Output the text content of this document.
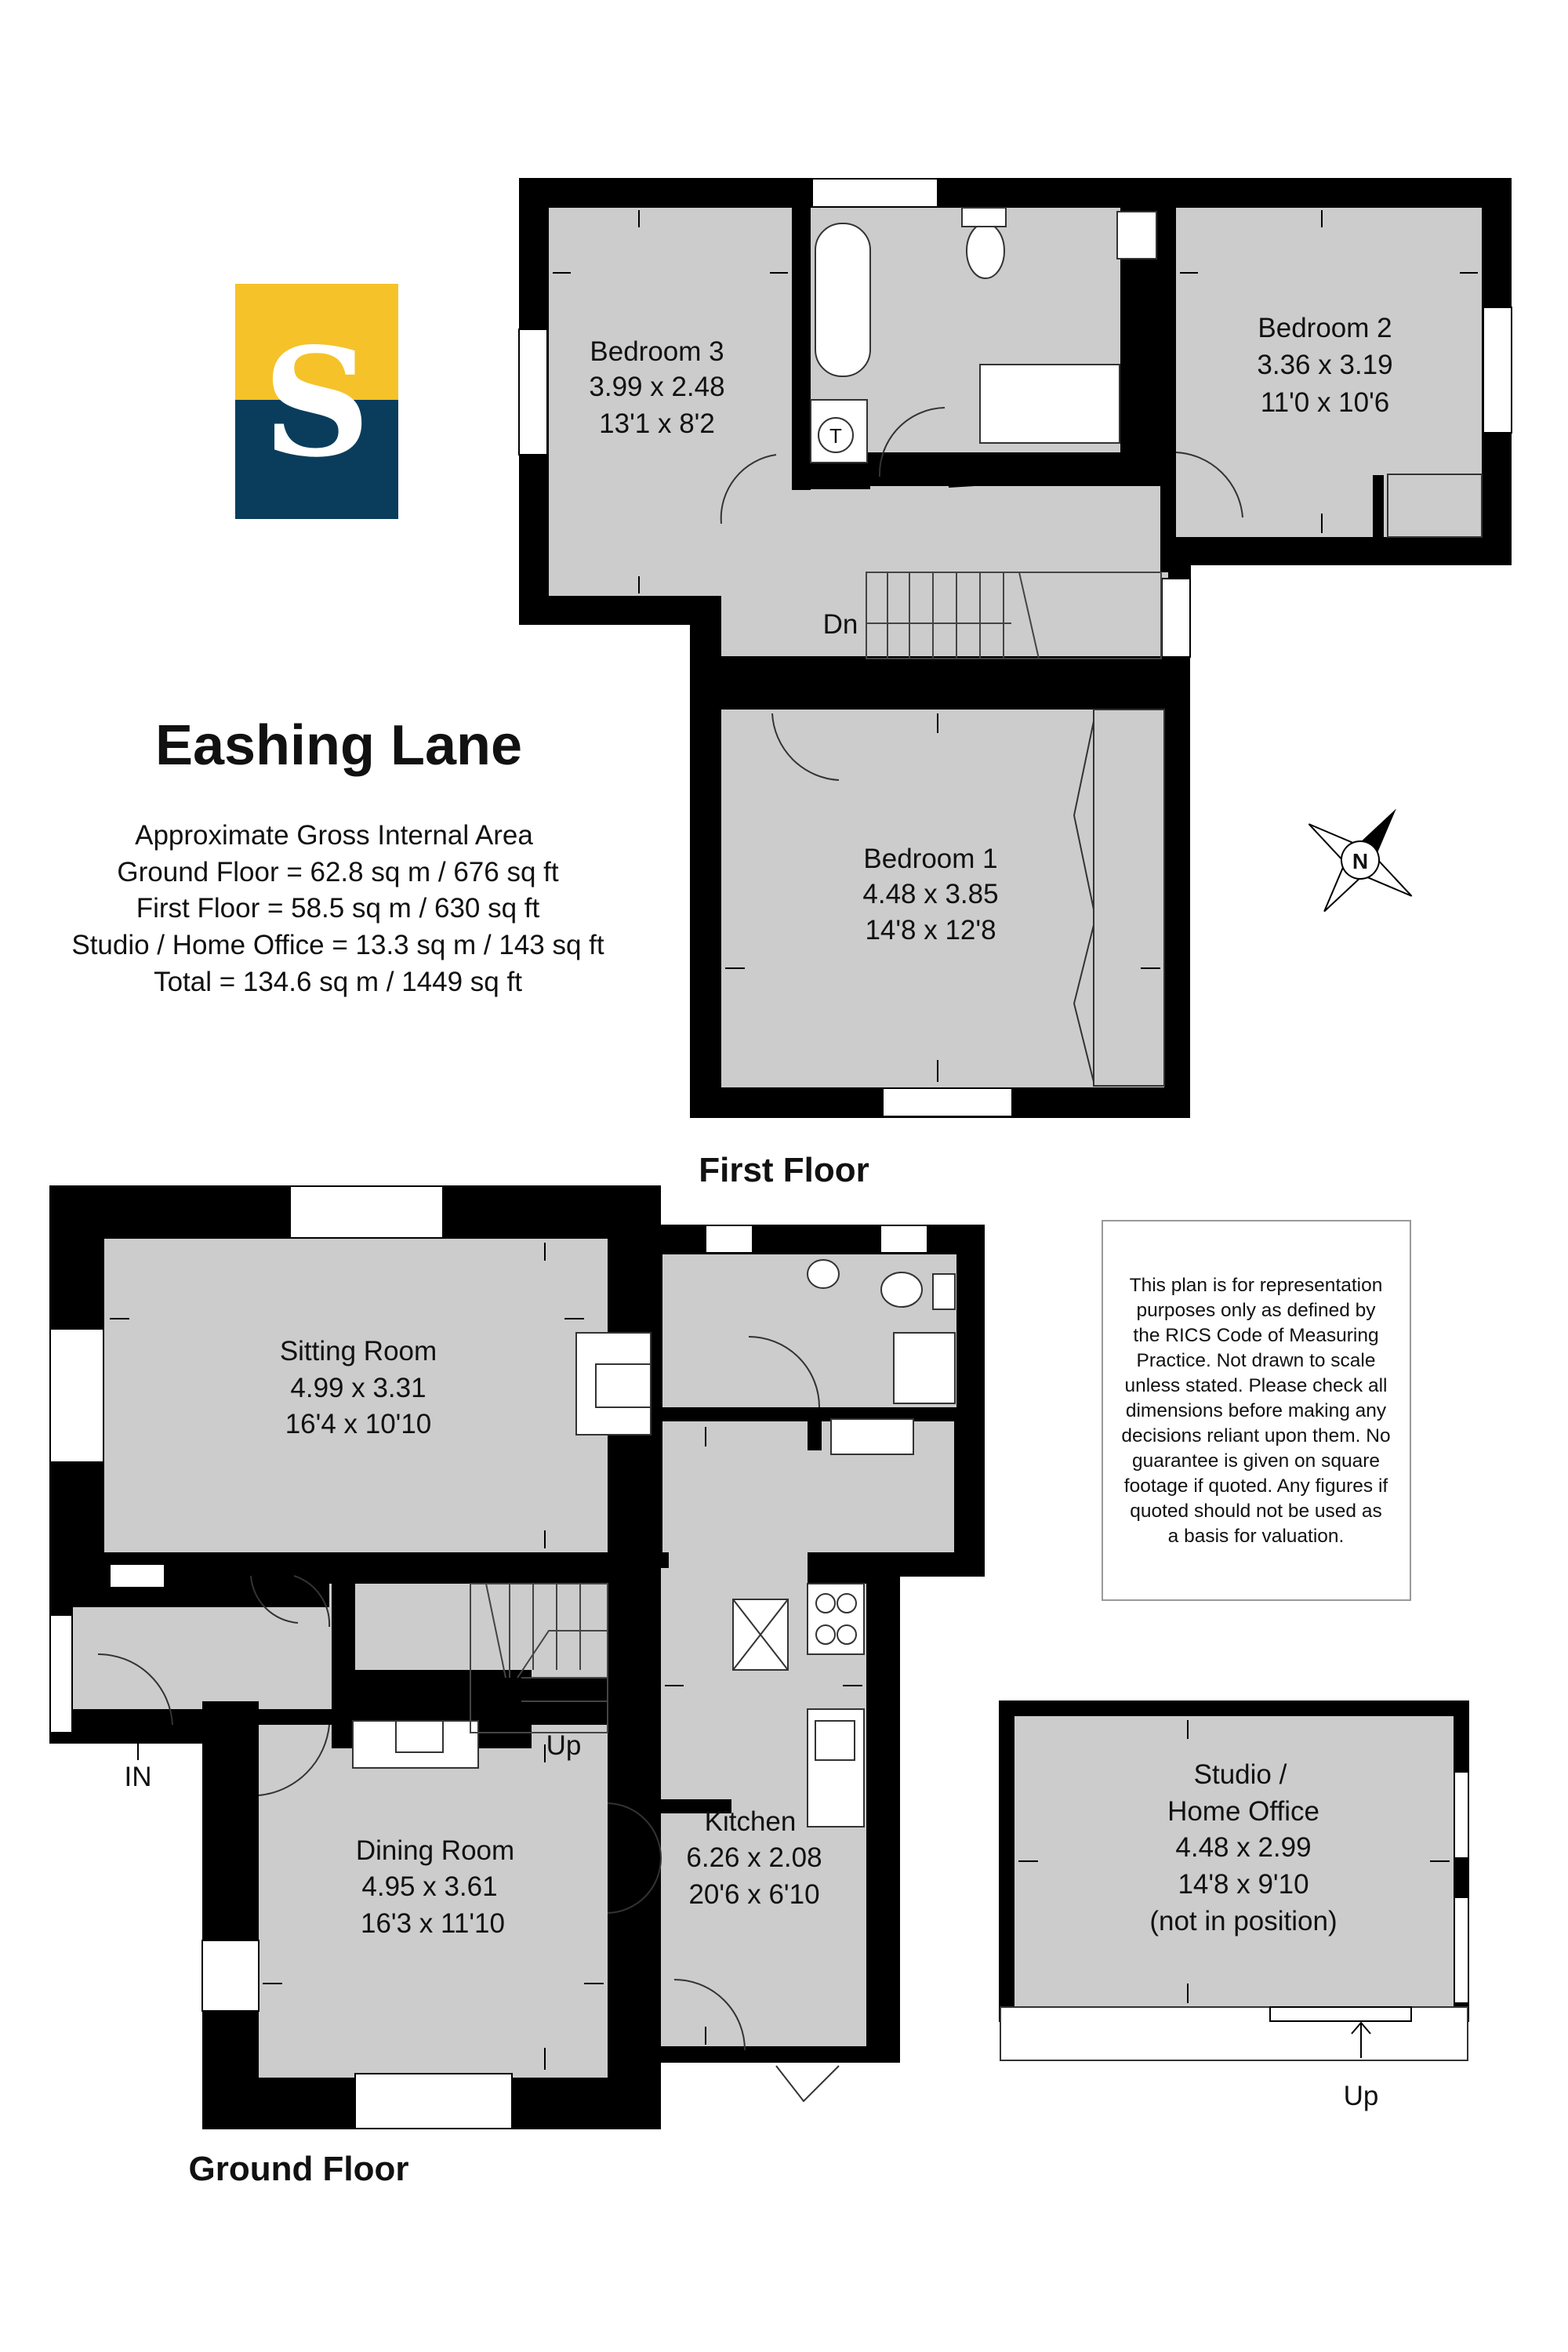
S
Eashing Lane
Approximate Gross Internal Area
Ground Floor = 62.8 sq m / 676 sq ft
First Floor = 58.5 sq m / 630 sq ft
Studio / Home Office = 13.3 sq m / 143 sq ft
Total = 134.6 sq m / 1449 sq ft
T
Dn
Bedroom 3
3.99 x 2.48
13'1 x 8'2
Bedroom 2
3.36 x 3.19
11'0 x 10'6
Bedroom 1
4.48 x 3.85
14'8 x 12'8
First Floor
N
This plan is for representation
purposes only as defined by
the RICS Code of Measuring
Practice. Not drawn to scale
unless stated. Please check all
dimensions before making any
decisions reliant upon them. No
guarantee is given on square
footage if quoted. Any figures if
quoted should not be used as
a basis for valuation.
Up
IN
Sitting Room
4.99 x 3.31
16'4 x 10'10
Dining Room
4.95 x 3.61
16'3 x 11'10
Kitchen
6.26 x 2.08
20'6 x 6'10
Ground Floor
Up
Studio /
Home Office
4.48 x 2.99
14'8 x 9'10
(not in position)
